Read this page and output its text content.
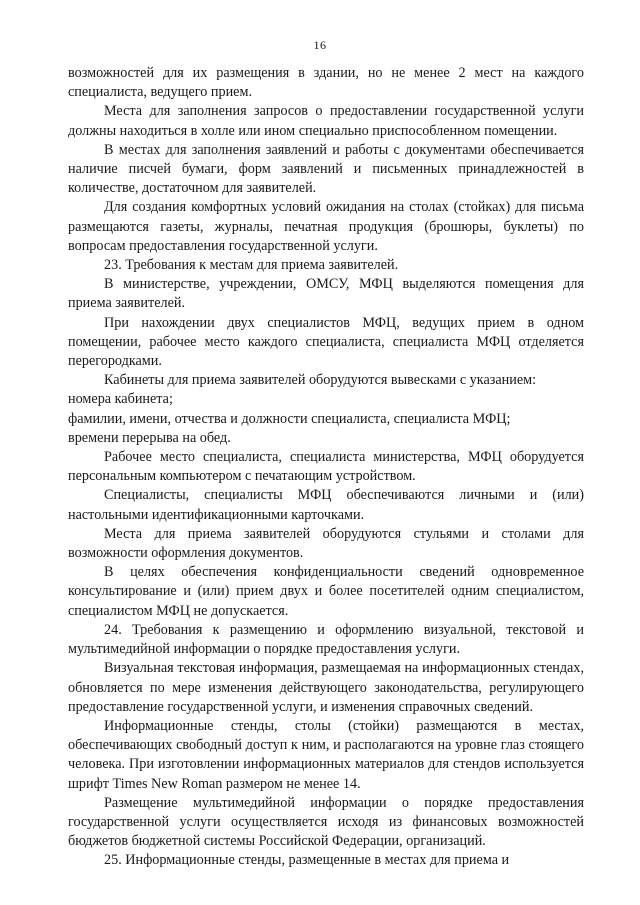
16

возможностей для их размещения в здании, но не менее 2 мест на каждого специалиста, ведущего прием.

Места для заполнения запросов о предоставлении государственной услуги должны находиться в холле или ином специально приспособленном помещении.

В местах для заполнения заявлений и работы с документами обеспечивается наличие писчей бумаги, форм заявлений и письменных принадлежностей в количестве, достаточном для заявителей.

Для создания комфортных условий ожидания на столах (стойках) для письма размещаются газеты, журналы, печатная продукция (брошюры, буклеты) по вопросам предоставления государственной услуги.

23. Требования к местам для приема заявителей.

В министерстве, учреждении, ОМСУ, МФЦ выделяются помещения для приема заявителей.

При нахождении двух специалистов МФЦ, ведущих прием в одном помещении, рабочее место каждого специалиста, специалиста МФЦ отделяется перегородками.

Кабинеты для приема заявителей оборудуются вывесками с указанием:

номера кабинета;

фамилии, имени, отчества и должности специалиста, специалиста МФЦ;

времени перерыва на обед.

Рабочее место специалиста, специалиста министерства, МФЦ оборудуется персональным компьютером с печатающим устройством.

Специалисты, специалисты МФЦ обеспечиваются личными и (или) настольными идентификационными карточками.

Места для приема заявителей оборудуются стульями и столами для возможности оформления документов.

В целях обеспечения конфиденциальности сведений одновременное консультирование и (или) прием двух и более посетителей одним специалистом, специалистом МФЦ не допускается.

24. Требования к размещению и оформлению визуальной, текстовой и мультимедийной информации о порядке предоставления услуги.

Визуальная текстовая информация, размещаемая на информационных стендах, обновляется по мере изменения действующего законодательства, регулирующего предоставление государственной услуги, и изменения справочных сведений.

Информационные стенды, столы (стойки) размещаются в местах, обеспечивающих свободный доступ к ним, и располагаются на уровне глаз стоящего человека. При изготовлении информационных материалов для стендов используется шрифт Times New Roman размером не менее 14.

Размещение мультимедийной информации о порядке предоставления государственной услуги осуществляется исходя из финансовых возможностей бюджетов бюджетной системы Российской Федерации, организаций.

25. Информационные стенды, размещенные в местах для приема и
